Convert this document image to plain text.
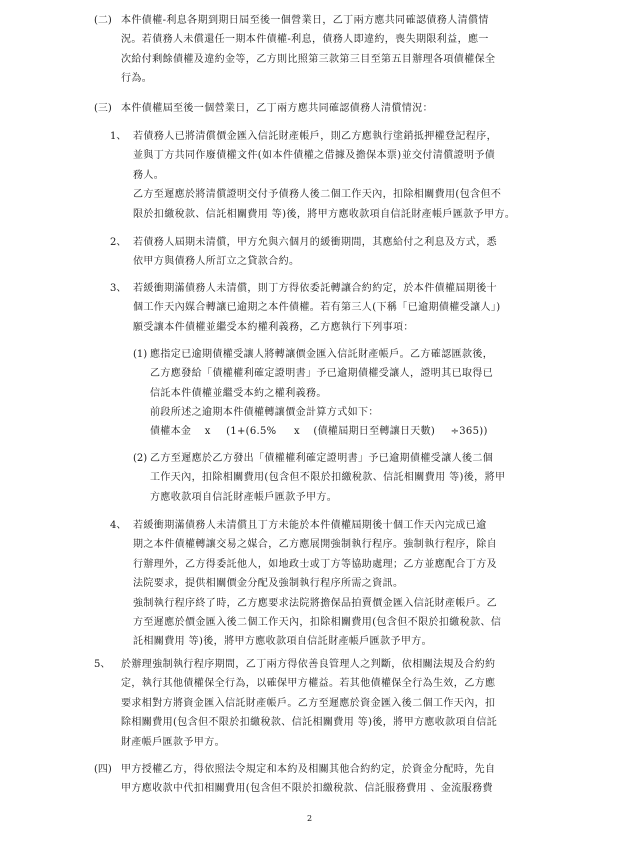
(二) 本件債權-利息各期到期日屆至後一個營業日，乙丁兩方應共同確認債務人清償情

況。若債務人未償還任一期本件債權-利息，債務人即違約，喪失期限利益，應一

次給付剩餘債權及違約金等，乙方則比照第三款第三目至第五目辦理各項債權保全

行為。

(三) 本件債權屆至後一個營業日，乙丁兩方應共同確認債務人清償情況：

1、 若債務人已將清償價金匯入信託財產帳戶，則乙方應執行塗銷抵押權登記程序，

並與丁方共同作廢債權文件(如本件債權之借據及擔保本票)並交付清償證明予債

務人。

乙方至遲應於將清償證明交付予債務人後二個工作天內，扣除相關費用(包含但不

限於扣繳稅款、信託相關費用 等)後，將甲方應收款項自信託財產帳戶匯款予甲方。

2、 若債務人屆期未清償，甲方允與六個月的緩衝期間，其應給付之利息及方式，悉

依甲方與債務人所訂立之貸款合約。

3、 若緩衝期滿債務人未清償，則丁方得依委託轉讓合約約定，於本件債權屆期後十

個工作天內媒合轉讓已逾期之本件債權。若有第三人(下稱「已逾期債權受讓人」)

願受讓本件債權並繼受本約權利義務，乙方應執行下列事項：

(1) 應指定已逾期債權受讓人將轉讓價金匯入信託財產帳戶。乙方確認匯款後，

乙方應發給「債權權利確定證明書」予已逾期債權受讓人，證明其已取得已

信託本件債權並繼受本約之權利義務。

前段所述之逾期本件債權轉讓價金計算方式如下：

債權本金 x (1+(6.5% x (債權屆期日至轉讓日天數) ÷365))
(2) 乙方至遲應於乙方發出「債權權利確定證明書」予已逾期債權受讓人後二個

工作天內，扣除相關費用(包含但不限於扣繳稅款、信託相關費用 等)後，將甲

方應收款項自信託財產帳戶匯款予甲方。

4、 若緩衝期滿債務人未清償且丁方未能於本件債權屆期後十個工作天內完成已逾

期之本件債權轉讓交易之媒合，乙方應展開強制執行程序。強制執行程序，除自

行辦理外，乙方得委託他人，如地政士或丁方等協助處理；乙方並應配合丁方及

法院要求，提供相關價金分配及強制執行程序所需之資訊。

強制執行程序終了時，乙方應要求法院將擔保品拍賣價金匯入信託財產帳戶。乙

方至遲應於價金匯入後二個工作天內，扣除相關費用(包含但不限於扣繳稅款、信

託相關費用 等)後，將甲方應收款項自信託財產帳戶匯款予甲方。

5、 於辦理強制執行程序期間，乙丁兩方得依善良管理人之判斷，依相關法規及合約約

定，執行其他債權保全行為，以確保甲方權益。若其他債權保全行為生效，乙方應

要求相對方將資金匯入信託財產帳戶。乙方至遲應於資金匯入後二個工作天內，扣

除相關費用(包含但不限於扣繳稅款、信託相關費用 等)後，將甲方應收款項自信託

財產帳戶匯款予甲方。

(四) 甲方授權乙方，得依照法令規定和本約及相關其他合約約定，於資金分配時，先自

甲方應收款中代扣相關費用(包含但不限於扣繳稅款、信託服務費用 、金流服務費

2
